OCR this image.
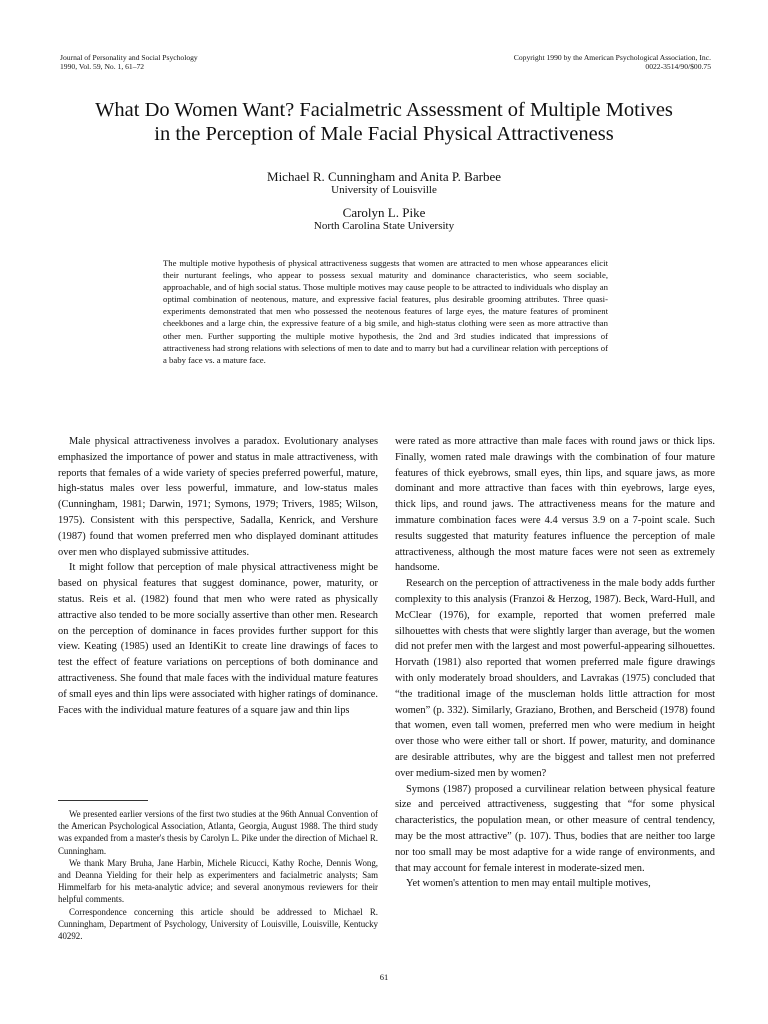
Journal of Personality and Social Psychology
1990, Vol. 59, No. 1, 61–72
Copyright 1990 by the American Psychological Association, Inc.
0022-3514/90/$00.75
What Do Women Want? Facialmetric Assessment of Multiple Motives
in the Perception of Male Facial Physical Attractiveness
Michael R. Cunningham and Anita P. Barbee
University of Louisville
Carolyn L. Pike
North Carolina State University

The multiple motive hypothesis of physical attractiveness suggests that women are attracted to men whose appearances elicit their nurturant feelings, who appear to possess sexual maturity and dominance characteristics, who seem sociable, approachable, and of high social status. Those multiple motives may cause people to be attracted to individuals who display an optimal combination of neotenous, mature, and expressive facial features, plus desirable grooming attributes. Three quasi-experiments demonstrated that men who possessed the neotenous features of large eyes, the mature features of prominent cheekbones and a large chin, the expressive feature of a big smile, and high-status clothing were seen as more attractive than other men. Further supporting the multiple motive hypothesis, the 2nd and 3rd studies indicated that impressions of attractiveness had strong relations with selections of men to date and to marry but had a curvilinear relation with perceptions of a baby face vs. a mature face.

Male physical attractiveness involves a paradox. Evolutionary analyses emphasized the importance of power and status in male attractiveness, with reports that females of a wide variety of species preferred powerful, mature, high-status males over less powerful, immature, and low-status males (Cunningham, 1981; Darwin, 1971; Symons, 1979; Trivers, 1985; Wilson, 1975). Consistent with this perspective, Sadalla, Kenrick, and Vershure (1987) found that women preferred men who displayed dominant attitudes over men who displayed submissive attitudes.

It might follow that perception of male physical attractiveness might be based on physical features that suggest dominance, power, maturity, or status. Reis et al. (1982) found that men who were rated as physically attractive also tended to be more socially assertive than other men. Research on the perception of dominance in faces provides further support for this view. Keating (1985) used an IdentiKit to create line drawings of faces to test the effect of feature variations on perceptions of both dominance and attractiveness. She found that male faces with the individual mature features of small eyes and thin lips were associated with higher ratings of dominance. Faces with the individual mature features of a square jaw and thin lips

were rated as more attractive than male faces with round jaws or thick lips. Finally, women rated male drawings with the combination of four mature features of thick eyebrows, small eyes, thin lips, and square jaws, as more dominant and more attractive than faces with thin eyebrows, large eyes, thick lips, and round jaws. The attractiveness means for the mature and immature combination faces were 4.4 versus 3.9 on a 7-point scale. Such results suggested that maturity features influence the perception of male attractiveness, although the most mature faces were not seen as extremely handsome.

Research on the perception of attractiveness in the male body adds further complexity to this analysis (Franzoi & Herzog, 1987). Beck, Ward-Hull, and McClear (1976), for example, reported that women preferred male silhouettes with chests that were slightly larger than average, but the women did not prefer men with the largest and most powerful-appearing silhouettes. Horvath (1981) also reported that women preferred male figure drawings with only moderately broad shoulders, and Lavrakas (1975) concluded that “the traditional image of the muscleman holds little attraction for most women” (p. 332). Similarly, Graziano, Brothen, and Berscheid (1978) found that women, even tall women, preferred men who were medium in height over those who were either tall or short. If power, maturity, and dominance are desirable attributes, why are the biggest and tallest men not preferred over medium-sized men by women?

Symons (1987) proposed a curvilinear relation between physical feature size and perceived attractiveness, suggesting that “for some physical characteristics, the population mean, or other measure of central tendency, may be the most attractive” (p. 107). Thus, bodies that are neither too large nor too small may be most adaptive for a wide range of environments, and that may account for female interest in moderate-sized men.

Yet women's attention to men may entail multiple motives,

We presented earlier versions of the first two studies at the 96th Annual Convention of the American Psychological Association, Atlanta, Georgia, August 1988. The third study was expanded from a master's thesis by Carolyn L. Pike under the direction of Michael R. Cunningham.

We thank Mary Bruha, Jane Harbin, Michele Ricucci, Kathy Roche, Dennis Wong, and Deanna Yielding for their help as experimenters and facialmetric analysts; Sam Himmelfarb for his meta-analytic advice; and several anonymous reviewers for their helpful comments.

Correspondence concerning this article should be addressed to Michael R. Cunningham, Department of Psychology, University of Louisville, Louisville, Kentucky 40292.

61
